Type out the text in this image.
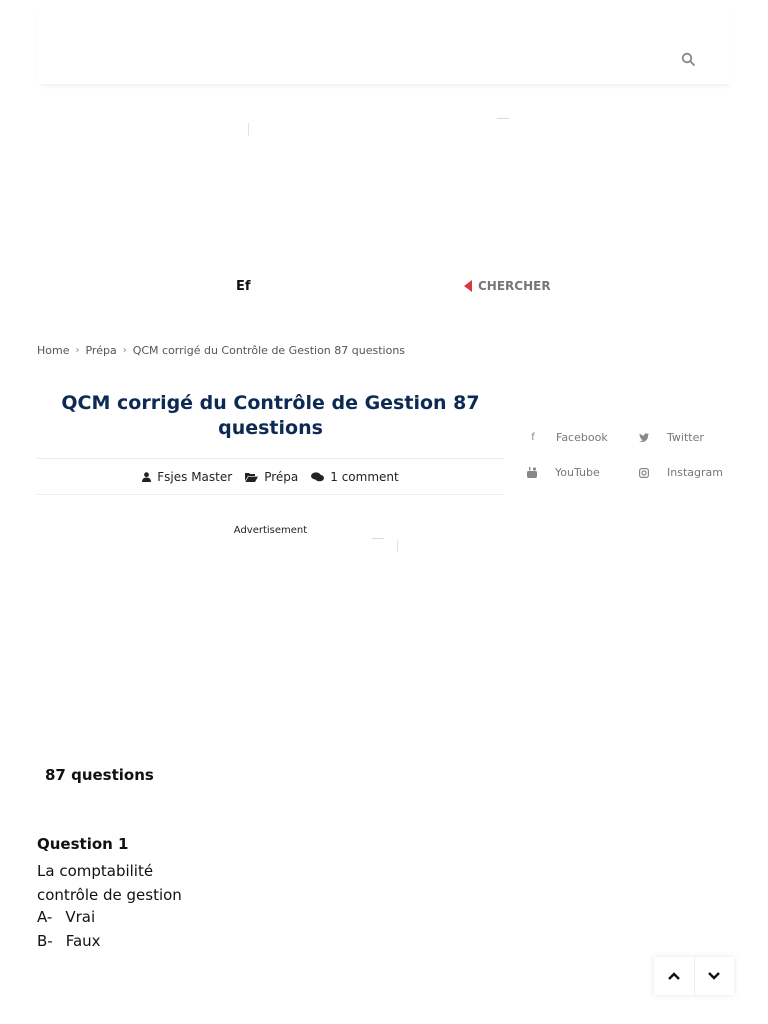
Ef	CHERCHER
Home › Prépa › QCM corrigé du Contrôle de Gestion 87 questions
QCM corrigé du Contrôle de Gestion 87 questions
Fsjes Master	Prépa	1 comment
f Facebook	Twitter
YouTube	Instagram
Advertisement
87 questions
Question 1
La comptabilité
contrôle de gestion
A- Vrai
B- Faux
